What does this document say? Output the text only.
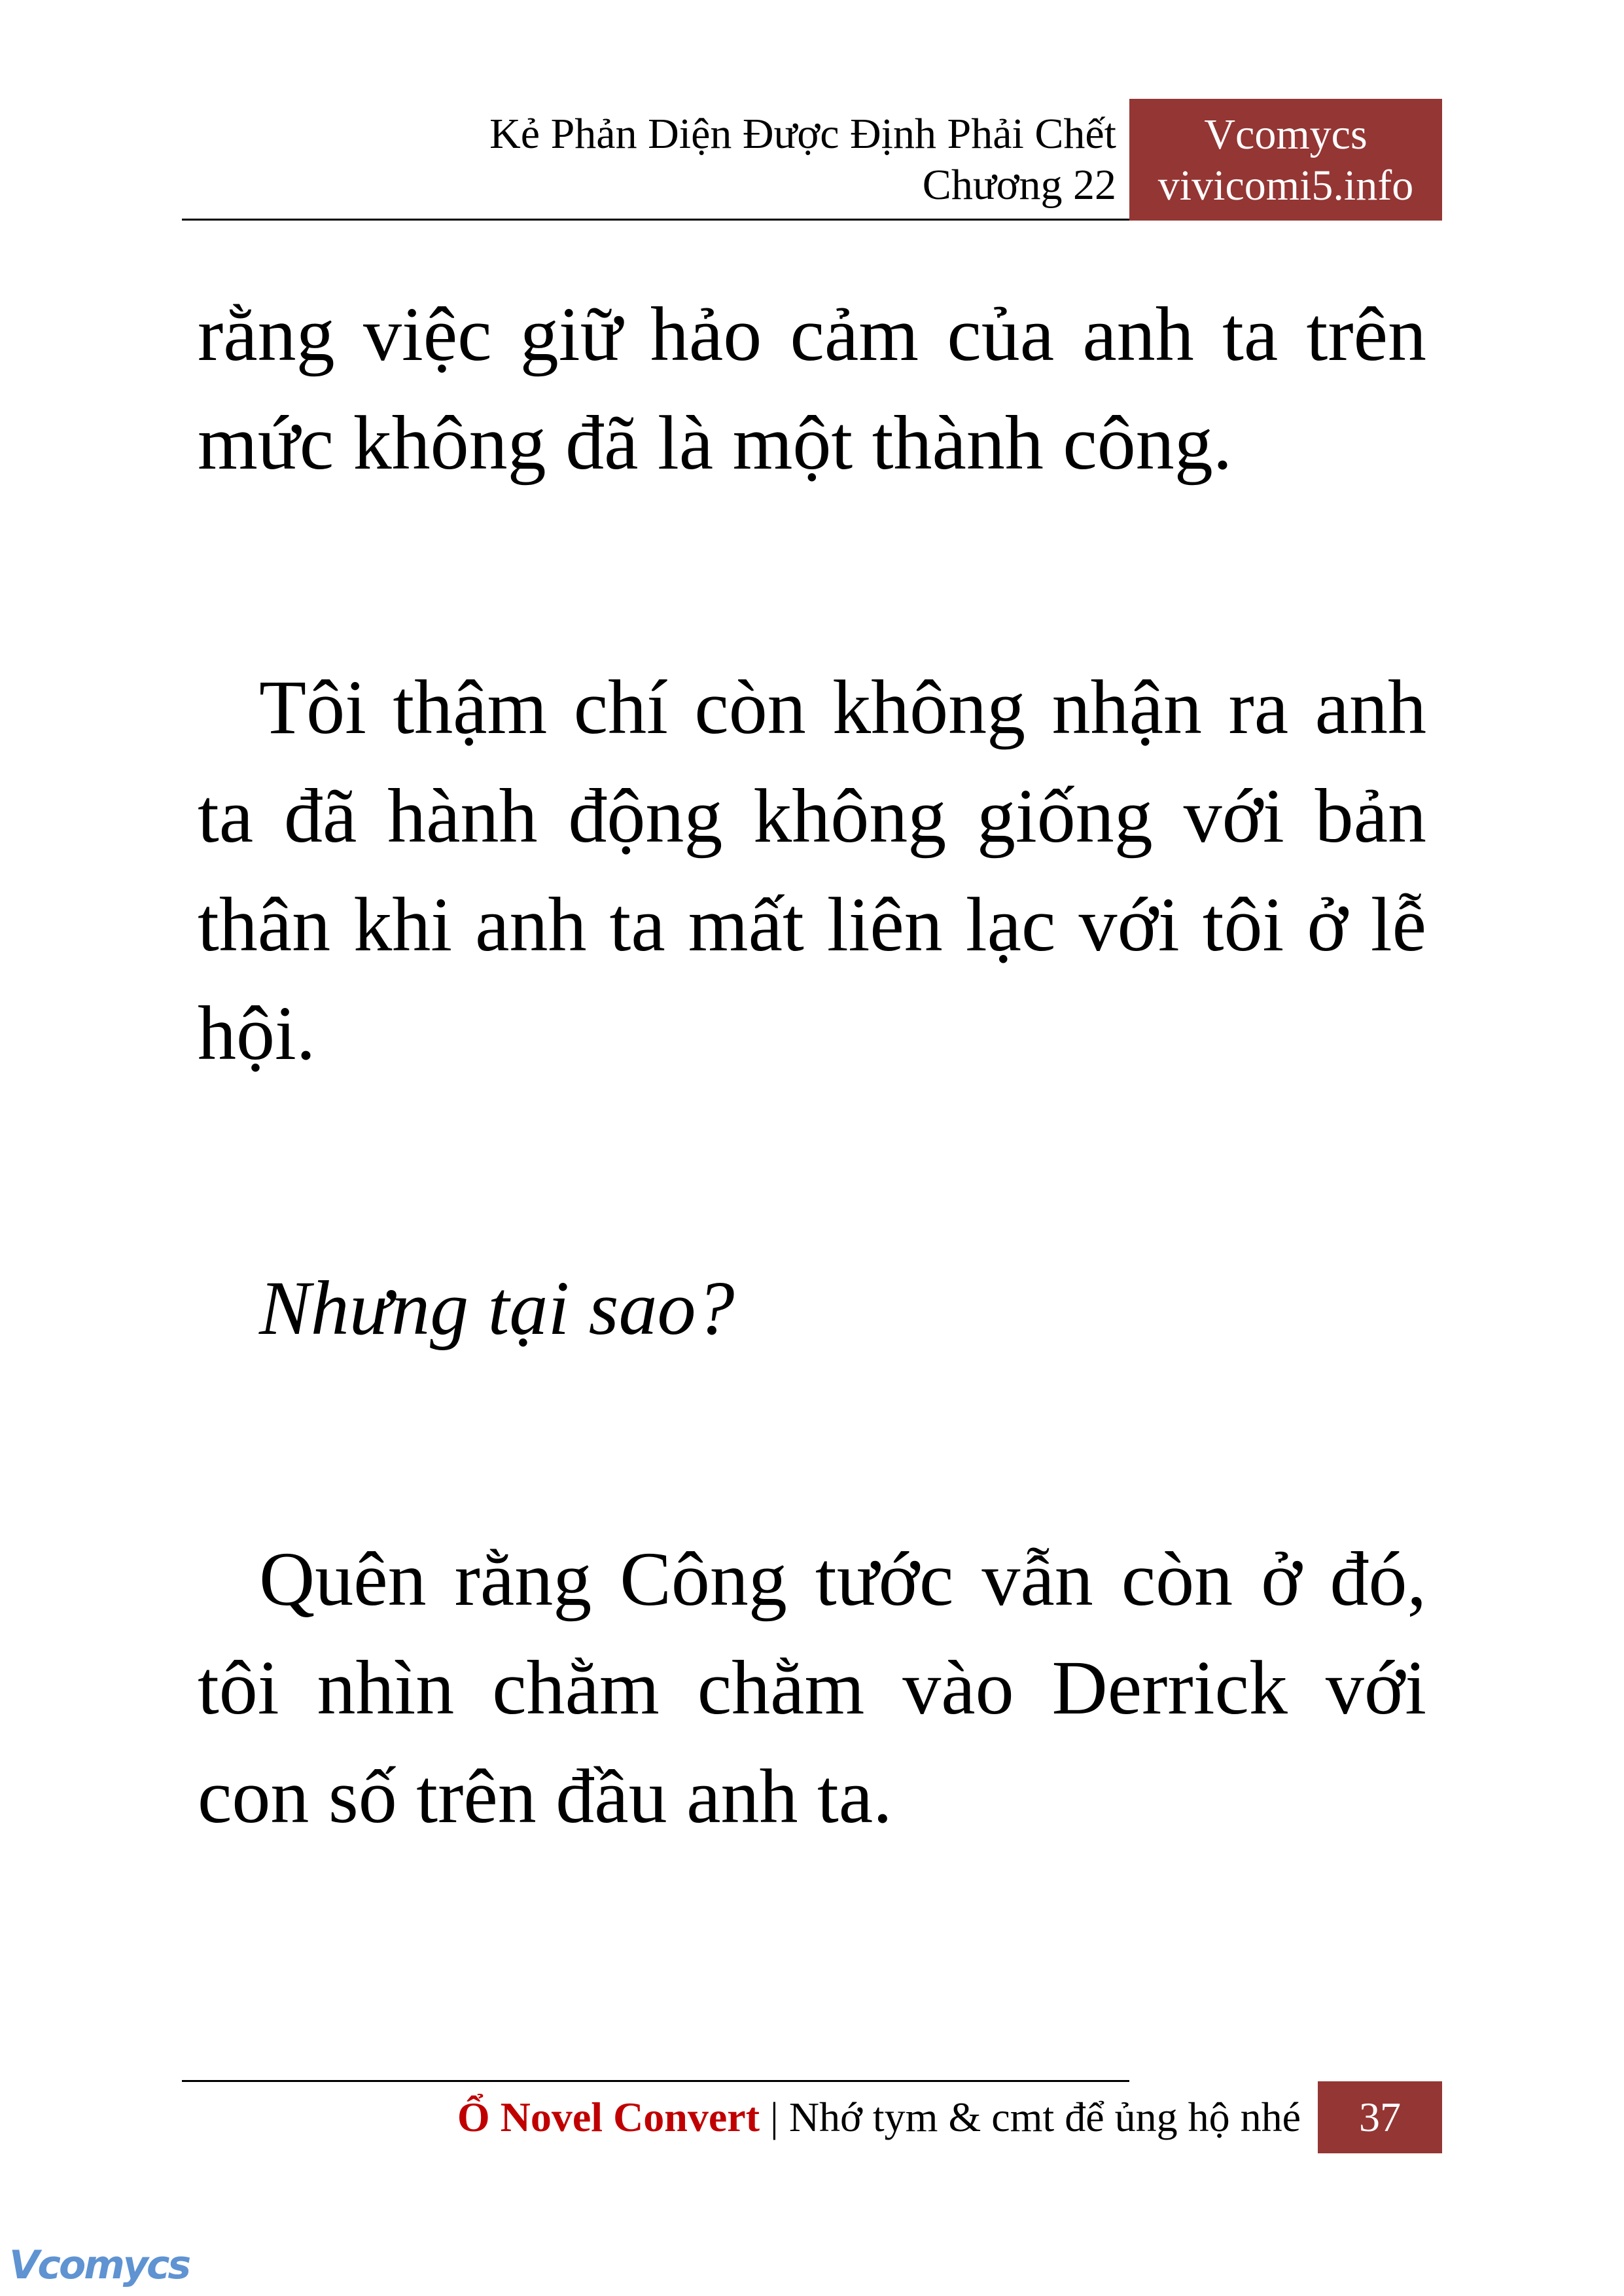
Kẻ Phản Diện Được Định Phải Chết
Chương 22
Vcomycs
vivicomi5.info

rằng việc giữ hảo cảm của anh ta trên mức không đã là một thành công.

Tôi thậm chí còn không nhận ra anh ta đã hành động không giống với bản thân khi anh ta mất liên lạc với tôi ở lễ hội.

Nhưng tại sao?

Quên rằng Công tước vẫn còn ở đó, tôi nhìn chằm chằm vào Derrick với con số trên đầu anh ta.

Ổ Novel Convert | Nhớ tym & cmt để ủng hộ nhé	37
Vcomycs
